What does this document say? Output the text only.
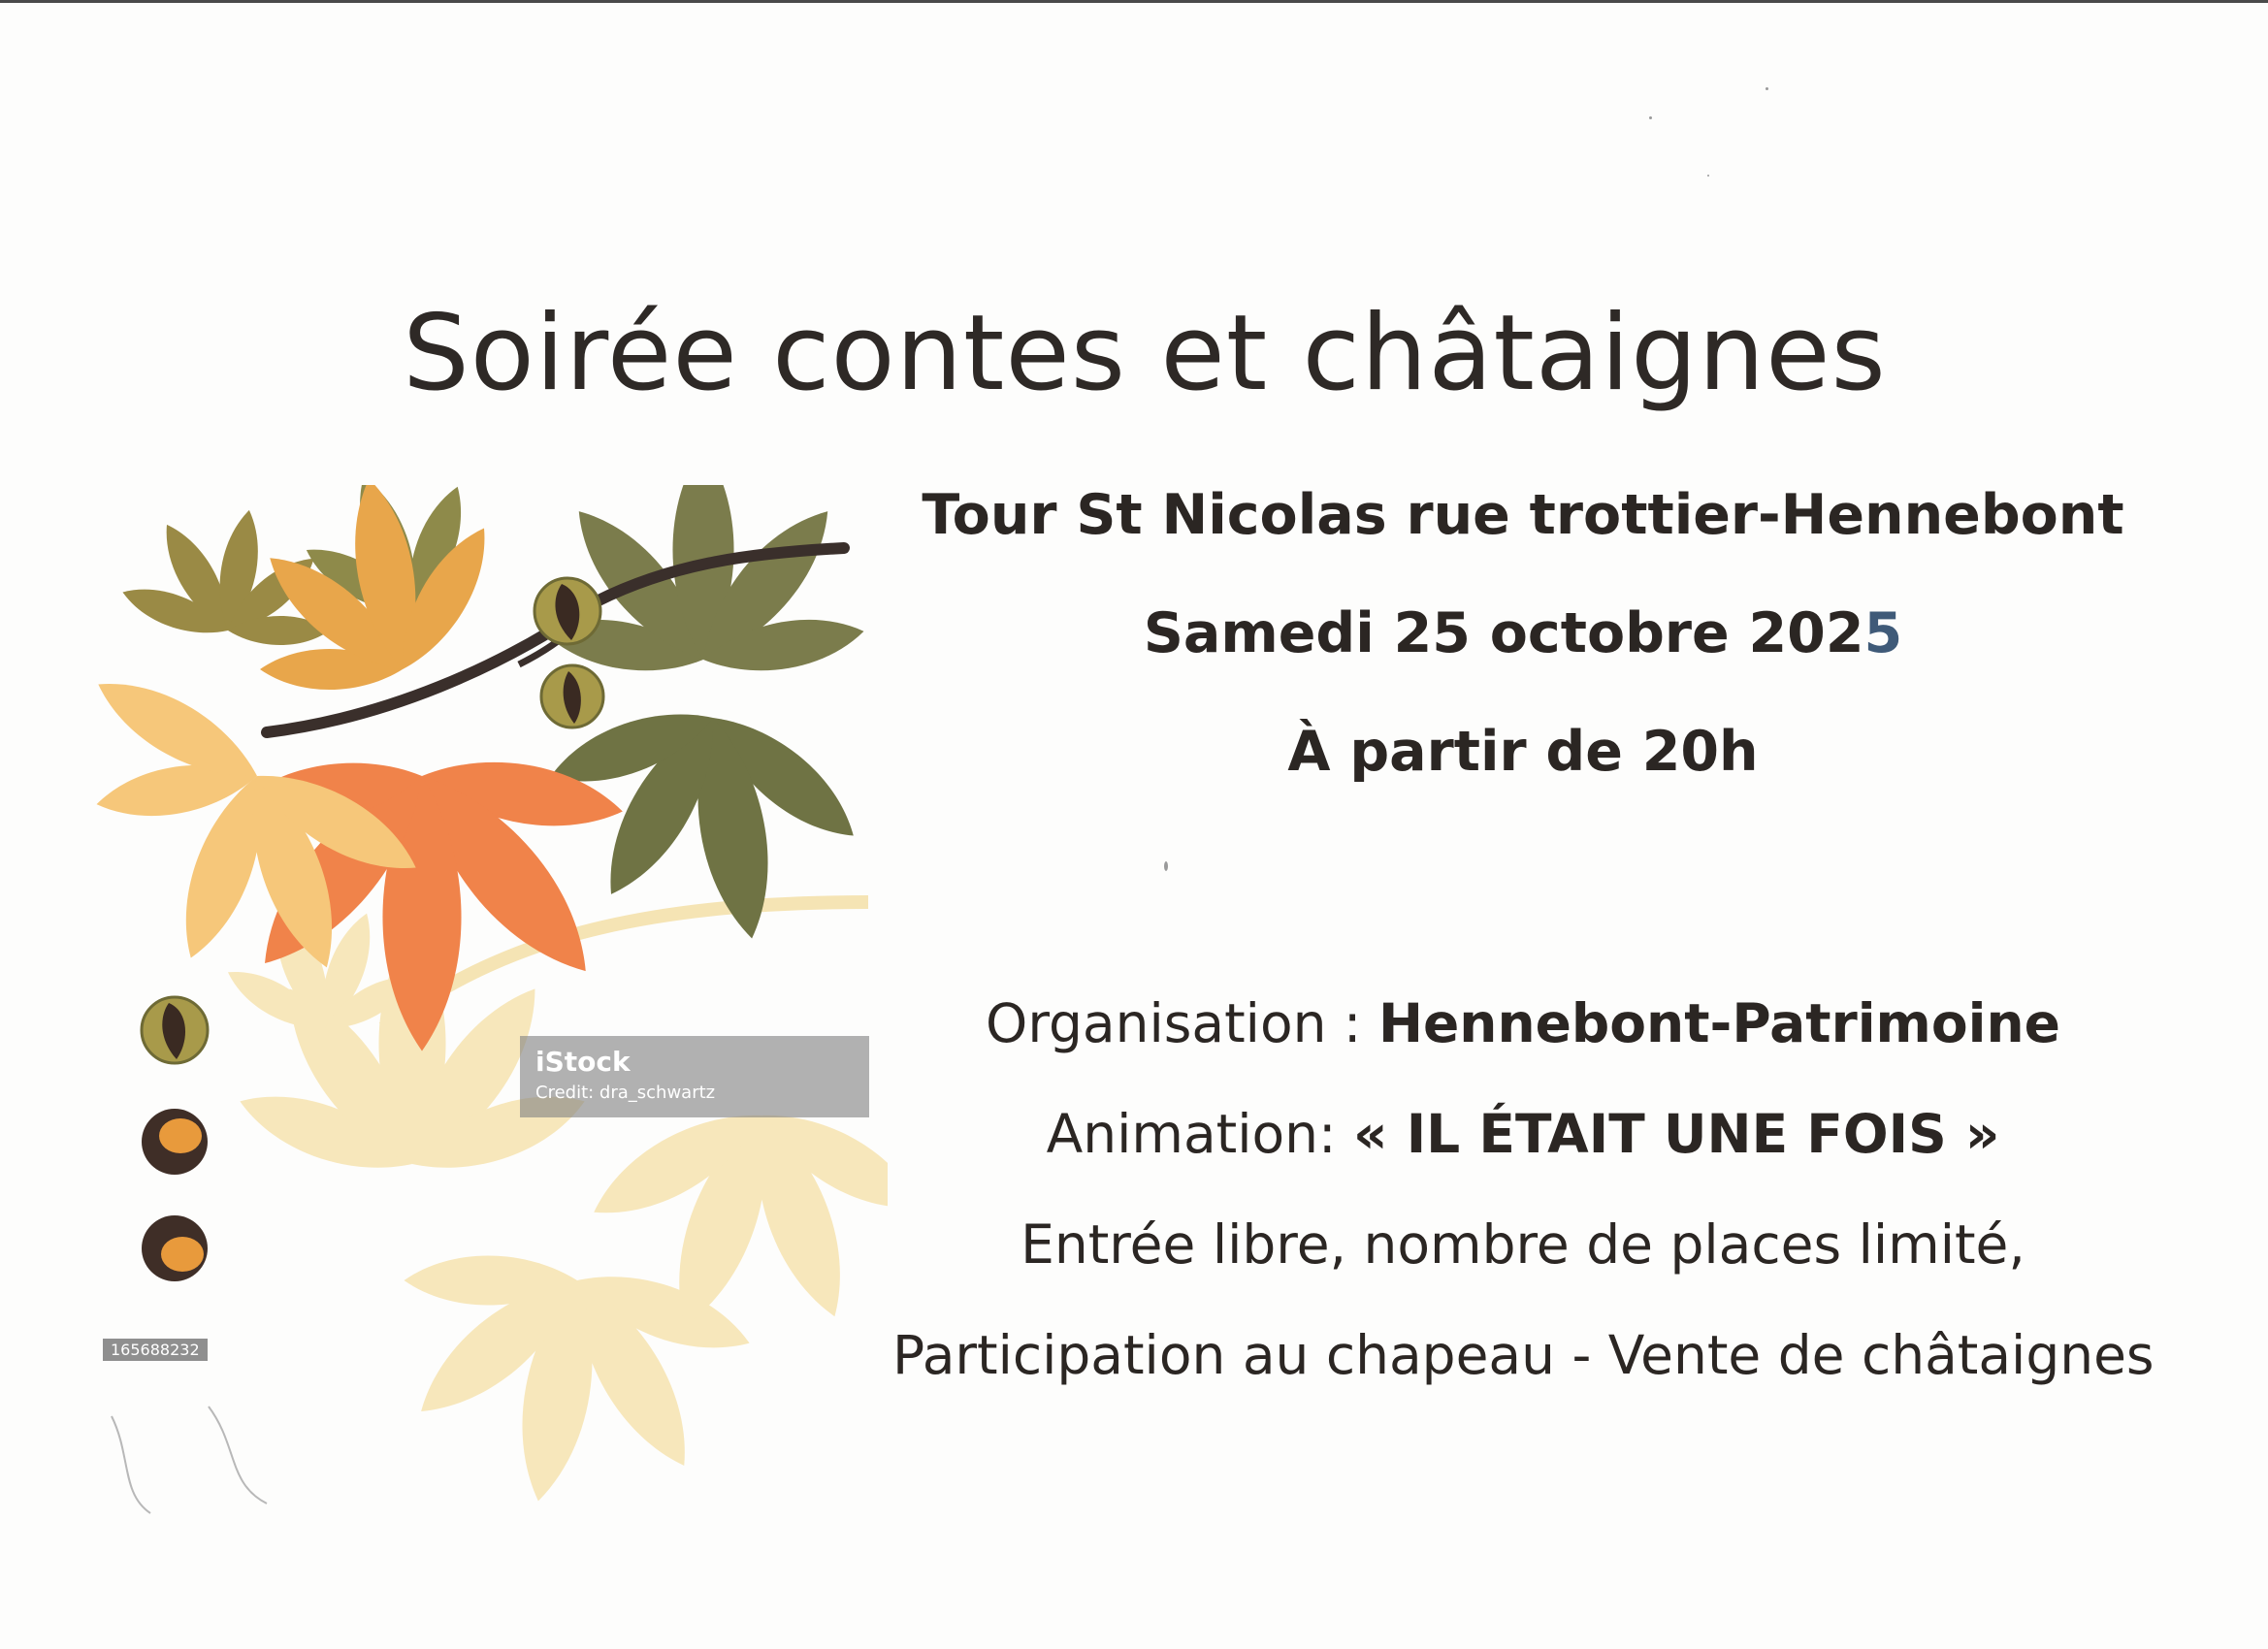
Soirée contes et châtaignes
iStock
Credit: dra_schwartz
165688232
Tour St Nicolas rue trottier-Hennebont
Samedi 25 octobre 2025
À partir de 20h
Organisation : Hennebont-Patrimoine
Animation: « IL ÉTAIT UNE FOIS »
Entrée libre, nombre de places limité,
Participation au chapeau - Vente de châtaignes
